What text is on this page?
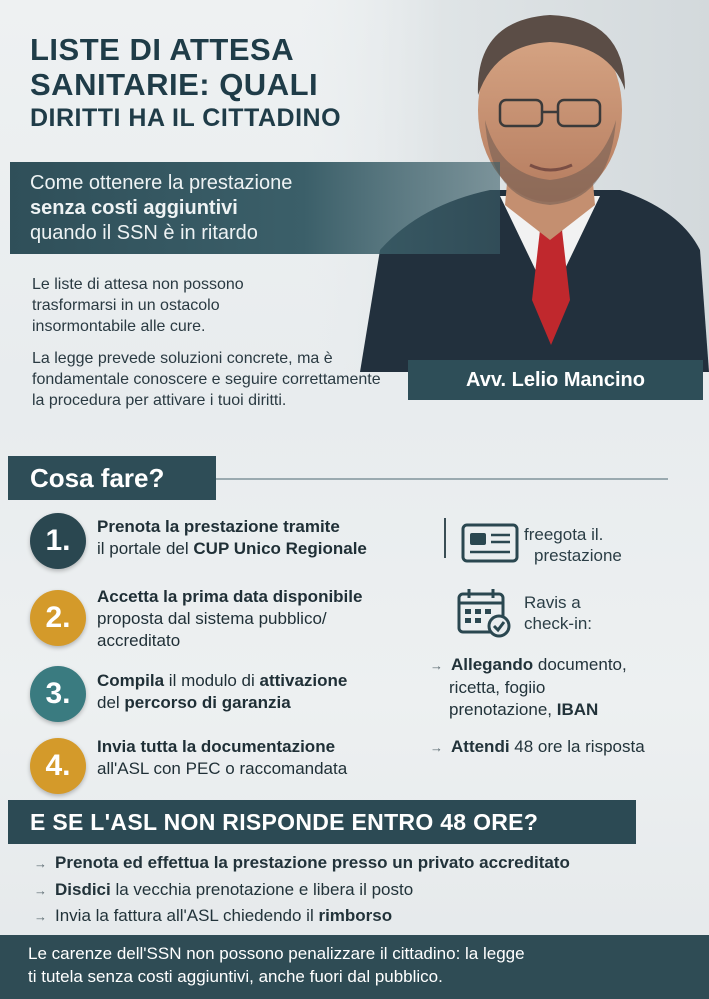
LISTE DI ATTESA
SANITARIE: QUALI
DIRITTI HA IL CITTADINO
Come ottenere la prestazione
senza costi aggiuntivi
quando il SSN è in ritardo
Le liste di attesa non possono trasformarsi in un ostacolo insormontabile alle cure.
La legge prevede soluzioni concrete, ma è fondamentale conoscere e seguire correttamente la procedura per attivare i tuoi diritti.
Avv. Lelio Mancino
Cosa fare?
1.	Prenota la prestazione tramite
il portale del CUP Unico Regionale
2.
Accetta la prima data disponibile
proposta dal sistema pubblico/ accreditato
3.	Compila il modulo di attivazione
del percorso di garanzia
4.
Invia tutta la documentazione
all'ASL con PEC o raccomandata
freegota il.
prestazione
Ravis a
check-in:
→ Allegando documento,
ricetta, fogiio
prenotazione, IBAN
→ Attendi 48 ore la risposta
E SE L'ASL NON RISPONDE ENTRO 48 ORE?
→ Prenota ed effettua la prestazione presso un privato accreditato
→ Disdici la vecchia prenotazione e libera il posto
→ Invia la fattura all'ASL chiedendo il rimborso
Le carenze dell'SSN non possono penalizzare il cittadino: la legge
ti tutela senza costi aggiuntivi, anche fuori dal pubblico.
